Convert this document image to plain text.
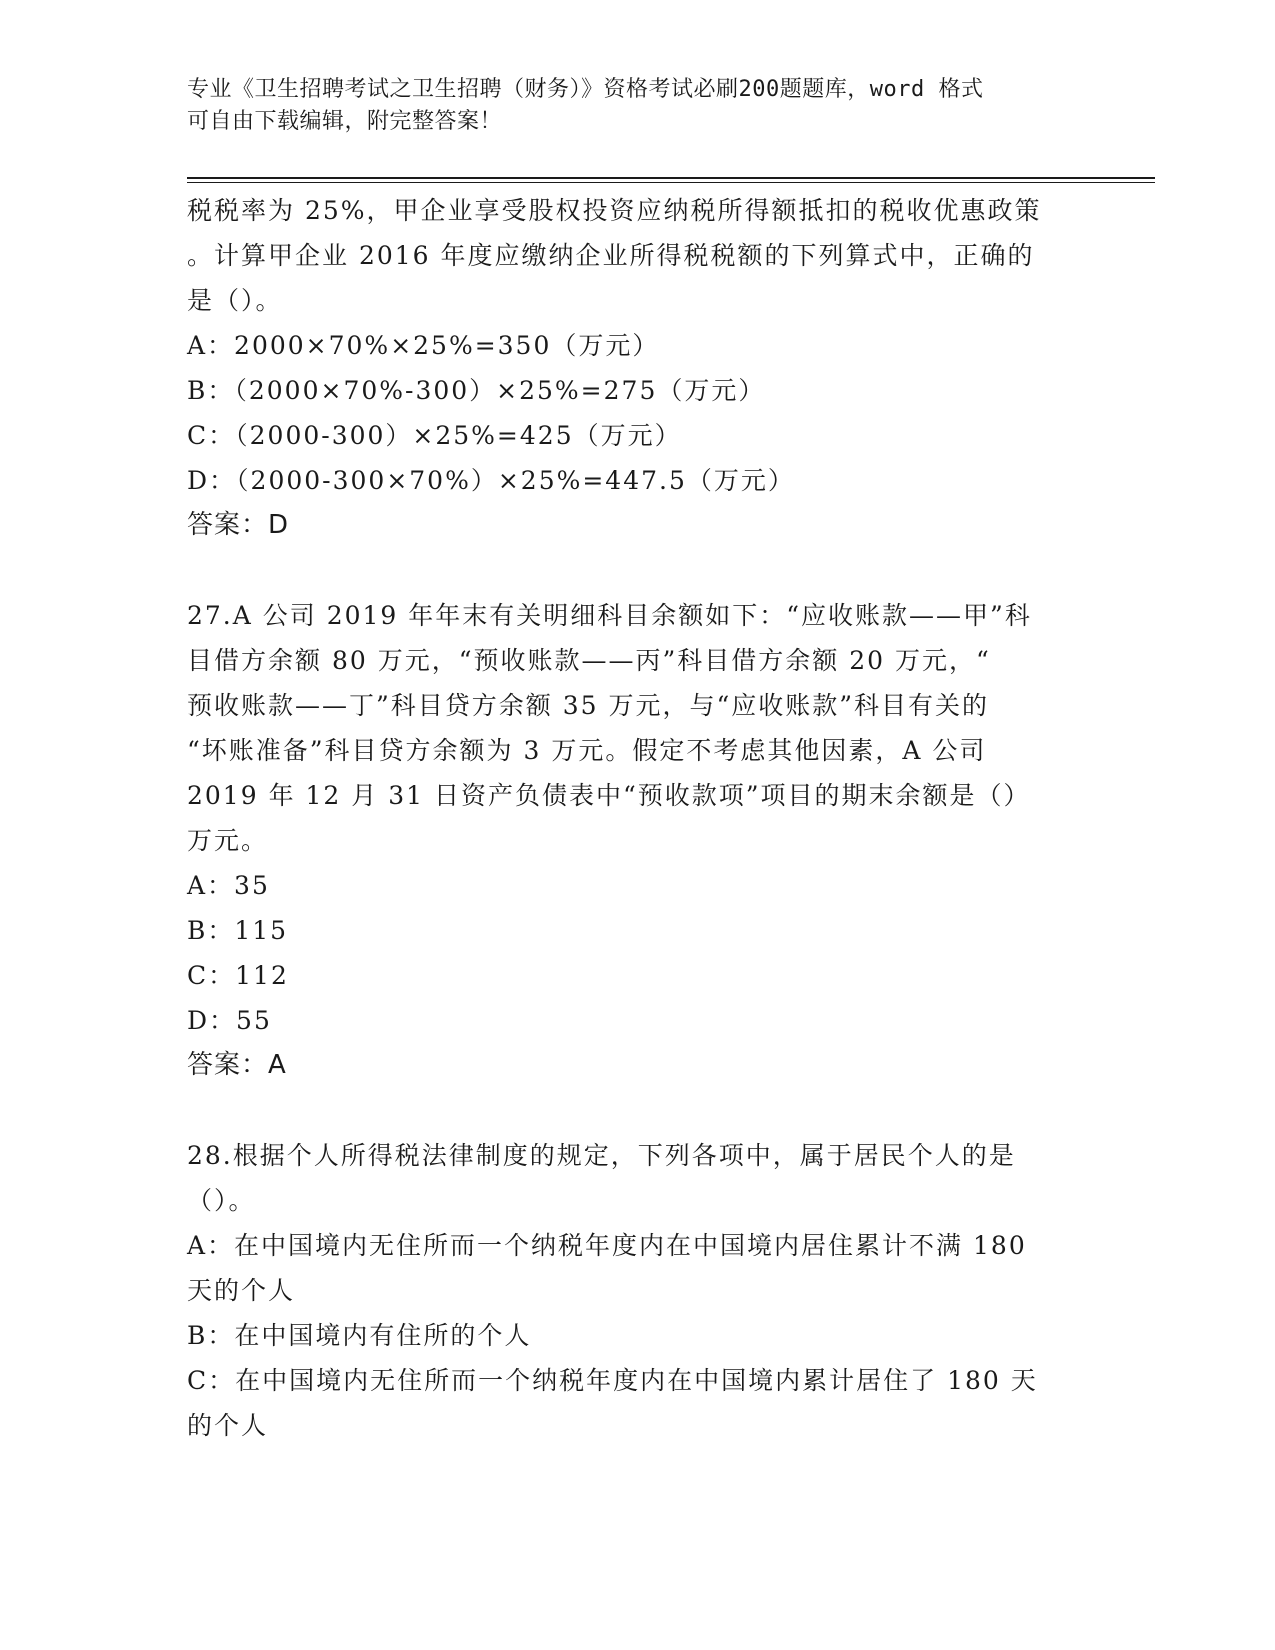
专业《卫生招聘考试之卫生招聘（财务）》资格考试必刷200题题库，word 格式
可自由下载编辑，附完整答案！
税税率为 25%，甲企业享受股权投资应纳税所得额抵扣的税收优惠政策
。计算甲企业 2016 年度应缴纳企业所得税税额的下列算式中，正确的
是（）。
A：2000×70%×25%=350（万元）
B：（2000×70%-300）×25%=275（万元）
C：（2000-300）×25%=425（万元）
D：（2000-300×70%）×25%=447.5（万元）
答案：D
27.A 公司 2019 年年末有关明细科目余额如下：“应收账款——甲”科
目借方余额 80 万元，“预收账款——丙”科目借方余额 20 万元，“
预收账款——丁”科目贷方余额 35 万元，与“应收账款”科目有关的
“坏账准备”科目贷方余额为 3 万元。假定不考虑其他因素，A 公司
2019 年 12 月 31 日资产负债表中“预收款项”项目的期末余额是（）
万元。
A：35
B：115
C：112
D：55
答案：A
28.根据个人所得税法律制度的规定，下列各项中，属于居民个人的是
（）。
A：在中国境内无住所而一个纳税年度内在中国境内居住累计不满 180
天的个人
B：在中国境内有住所的个人
C：在中国境内无住所而一个纳税年度内在中国境内累计居住了 180 天
的个人
